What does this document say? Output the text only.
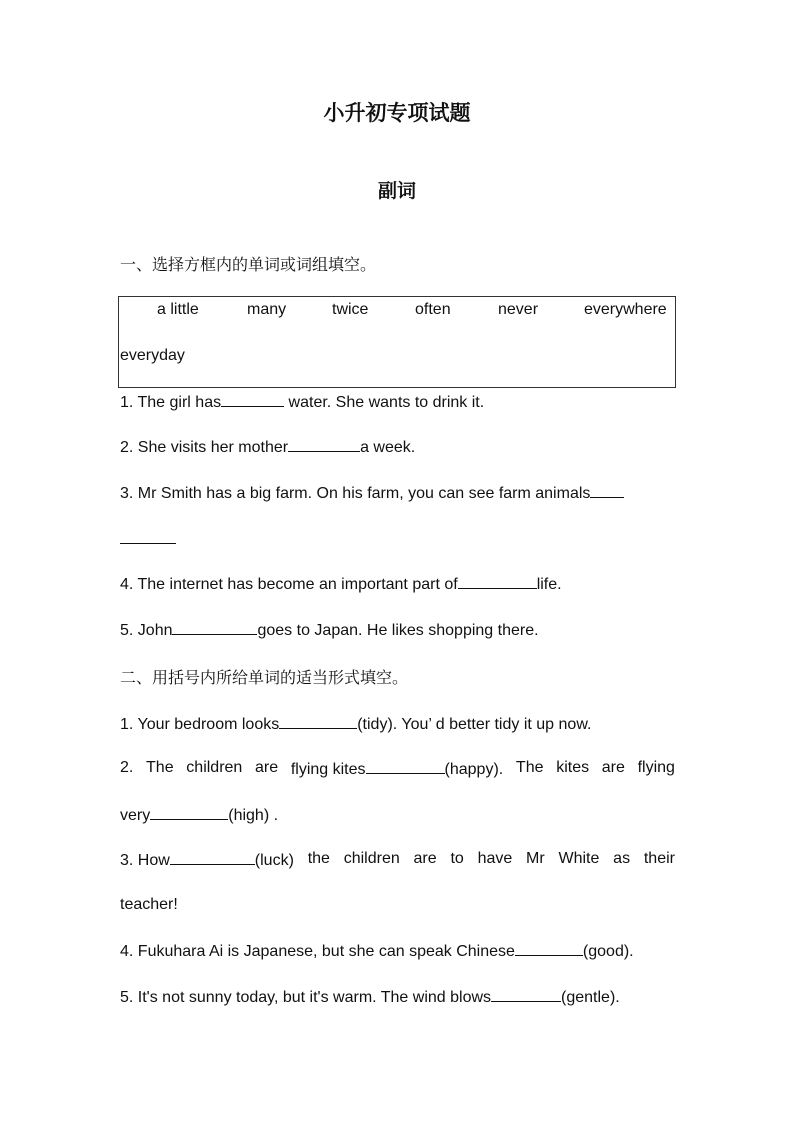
小升初专项试题
副词
一、选择方框内的单词或词组填空。
a little	many	twice	often	never	everywhere
everyday
1. The girl has	water. She wants to drink it.
2. She visits her mother	a week.
3. Mr Smith has a big farm. On his farm, you can see farm animals
4. The internet has become an important part of	life.
5. John	goes to Japan. He likes shopping there.
二、用括号内所给单词的适当形式填空。
1. Your bedroom looks	(tidy). You’ d better tidy it up now.
2. The children are flying kites	(happy). The kites are flying
very	(high) .
3. How	(luck) the children are to have Mr White as their
teacher!
4. Fukuhara Ai is Japanese, but she can speak Chinese	(good).
5. It's not sunny today, but it's warm. The wind blows	(gentle).
